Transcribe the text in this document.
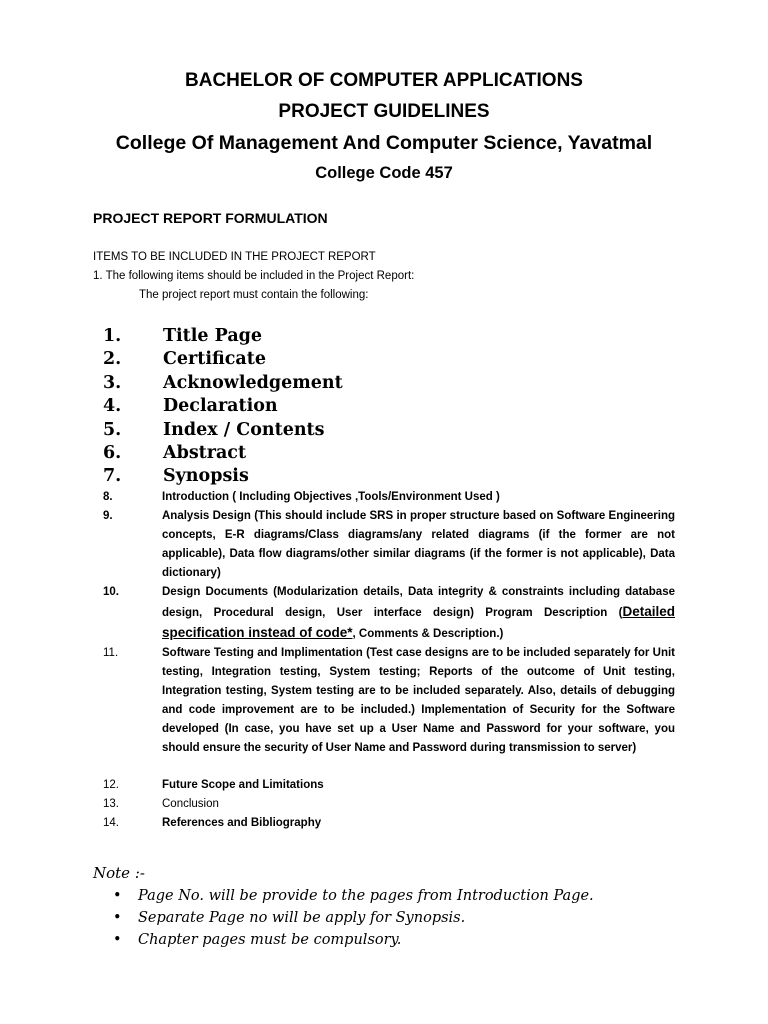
BACHELOR OF COMPUTER APPLICATIONS
PROJECT GUIDELINES
College Of Management And Computer Science, Yavatmal
College Code 457
PROJECT REPORT FORMULATION
ITEMS TO BE INCLUDED IN THE PROJECT REPORT
1. The following items should be included in the Project Report:
The project report must contain the following:
1. Title Page
2. Certificate
3. Acknowledgement
4. Declaration
5. Index / Contents
6. Abstract
7. Synopsis
8.	Introduction ( Including Objectives ,Tools/Environment Used )
9.	Analysis Design (This should include SRS in proper structure based on Software Engineering concepts, E-R diagrams/Class diagrams/any related diagrams (if the former are not applicable), Data flow diagrams/other similar diagrams (if the former is not applicable), Data dictionary)
10.	Design Documents (Modularization details, Data integrity & constraints including database design, Procedural design, User interface design) Program Description (Detailed specification instead of code*, Comments & Description.)
11.	Software Testing and Implimentation (Test case designs are to be included separately for Unit testing, Integration testing, System testing; Reports of the outcome of Unit testing, Integration testing, System testing are to be included separately. Also, details of debugging and code improvement are to be included.) Implementation of Security for the Software developed (In case, you have set up a User Name and Password for your software, you should ensure the security of User Name and Password during transmission to server)
12.	Future Scope and Limitations
13.	Conclusion
14.	References and Bibliography
Note :-
• Page No. will be provide to the pages from Introduction Page.
• Separate Page no will be apply for Synopsis.
• Chapter pages must be compulsory.
